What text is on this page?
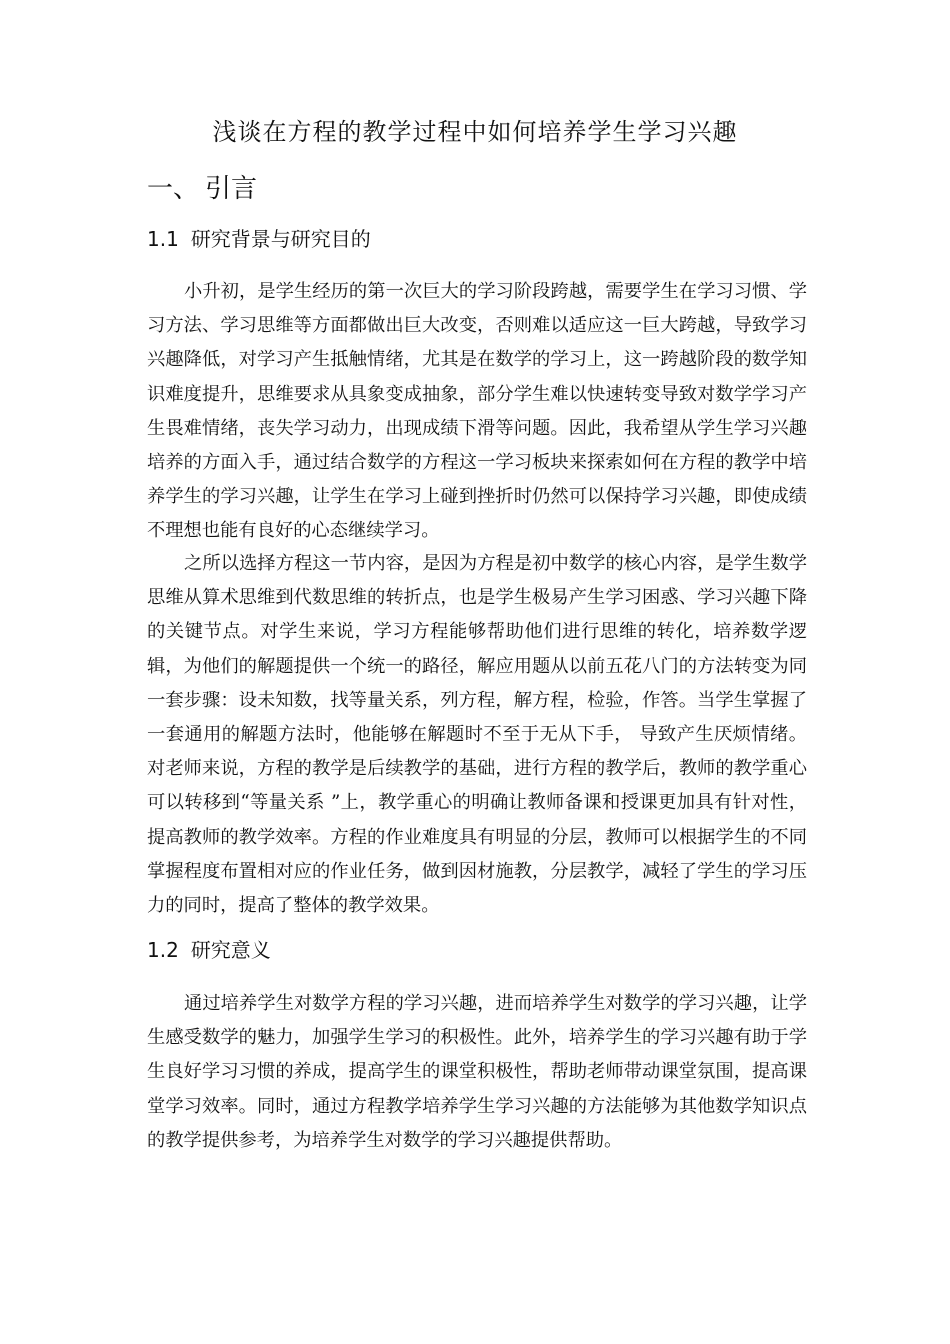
浅谈在方程的教学过程中如何培养学生学习兴趣
一、 引言
1.1 研究背景与研究目的

小升初，是学生经历的第一次巨大的学习阶段跨越，需要学生在学习习惯、学习方法、学习思维等方面都做出巨大改变，否则难以适应这一巨大跨越，导致学习兴趣降低，对学习产生抵触情绪，尤其是在数学的学习上，这一跨越阶段的数学知识难度提升，思维要求从具象变成抽象，部分学生难以快速转变导致对数学学习产生畏难情绪，丧失学习动力，出现成绩下滑等问题。因此，我希望从学生学习兴趣培养的方面入手，通过结合数学的方程这一学习板块来探索如何在方程的教学中培养学生的学习兴趣，让学生在学习上碰到挫折时仍然可以保持学习兴趣，即使成绩不理想也能有良好的心态继续学习。

之所以选择方程这一节内容，是因为方程是初中数学的核心内容，是学生数学思维从算术思维到代数思维的转折点，也是学生极易产生学习困惑、学习兴趣下降的关键节点。对学生来说，学习方程能够帮助他们进行思维的转化，培养数学逻辑，为他们的解题提供一个统一的路径，解应用题从以前五花八门的方法转变为同一套步骤：设未知数，找等量关系，列方程，解方程，检验，作答。当学生掌握了一套通用的解题方法时，他能够在解题时不至于无从下手， 导致产生厌烦情绪。对老师来说，方程的教学是后续教学的基础，进行方程的教学后，教师的教学重心可以转移到“等量关系 ”上，教学重心的明确让教师备课和授课更加具有针对性，提高教师的教学效率。方程的作业难度具有明显的分层，教师可以根据学生的不同掌握程度布置相对应的作业任务，做到因材施教，分层教学，减轻了学生的学习压力的同时，提高了整体的教学效果。

1.2 研究意义

通过培养学生对数学方程的学习兴趣，进而培养学生对数学的学习兴趣，让学生感受数学的魅力，加强学生学习的积极性。此外，培养学生的学习兴趣有助于学生良好学习习惯的养成，提高学生的课堂积极性，帮助老师带动课堂氛围，提高课堂学习效率。同时，通过方程教学培养学生学习兴趣的方法能够为其他数学知识点的教学提供参考，为培养学生对数学的学习兴趣提供帮助。
